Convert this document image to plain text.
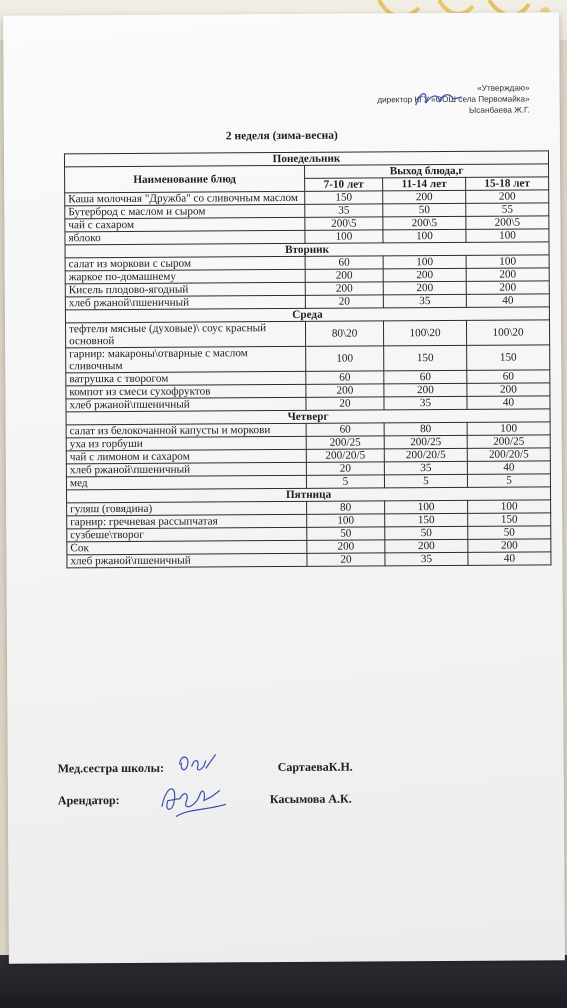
«Утверждаю»
директор КГУ «ООШ села Первомайка»
Ысанбаева Ж.Г.
2 неделя (зима-весна)
Понедельник			
Наименование блюд	Выход блюда,г		
	7-10 лет	11-14 лет	15-18 лет
Каша молочная "Дружба" со сливочным маслом	150	200	200
Бутерброд с маслом и сыром	35	50	55
чай с сахаром	200\5	200\5	200\5
яблоко	100	100	100
Вторник			
салат из моркови с сыром	60	100	100
жаркое по-домашнему	200	200	200
Кисель плодово-ягодный	200	200	200
хлеб ржаной\пшеничный	20	35	40
Среда			
тефтели мясные (духовые)\ соус красный основной	80\20	100\20	100\20
гарнир: макароны\отварные с маслом сливочным	100	150	150
ватрушка с творогом	60	60	60
компот из смеси сухофруктов	200	200	200
хлеб ржаной\пшеничный	20	35	40
Четверг			
салат из белокочанной капусты и моркови	60	80	100
уха из горбуши	200/25	200/25	200/25
чай с лимоном и сахаром	200/20/5	200/20/5	200/20/5
хлеб ржаной\пшеничный	20	35	40
мед	5	5	5
Пятница			
гуляш (говядина)	80	100	100
гарнир: гречневая рассыпчатая	100	150	150
сузбеше\творог	50	50	50
Сок	200	200	200
хлеб ржаной\пшеничный	20	35	40
Мед.сестра школы:	СартаеваК.Н.
Арендатор:	Касымова А.К.
